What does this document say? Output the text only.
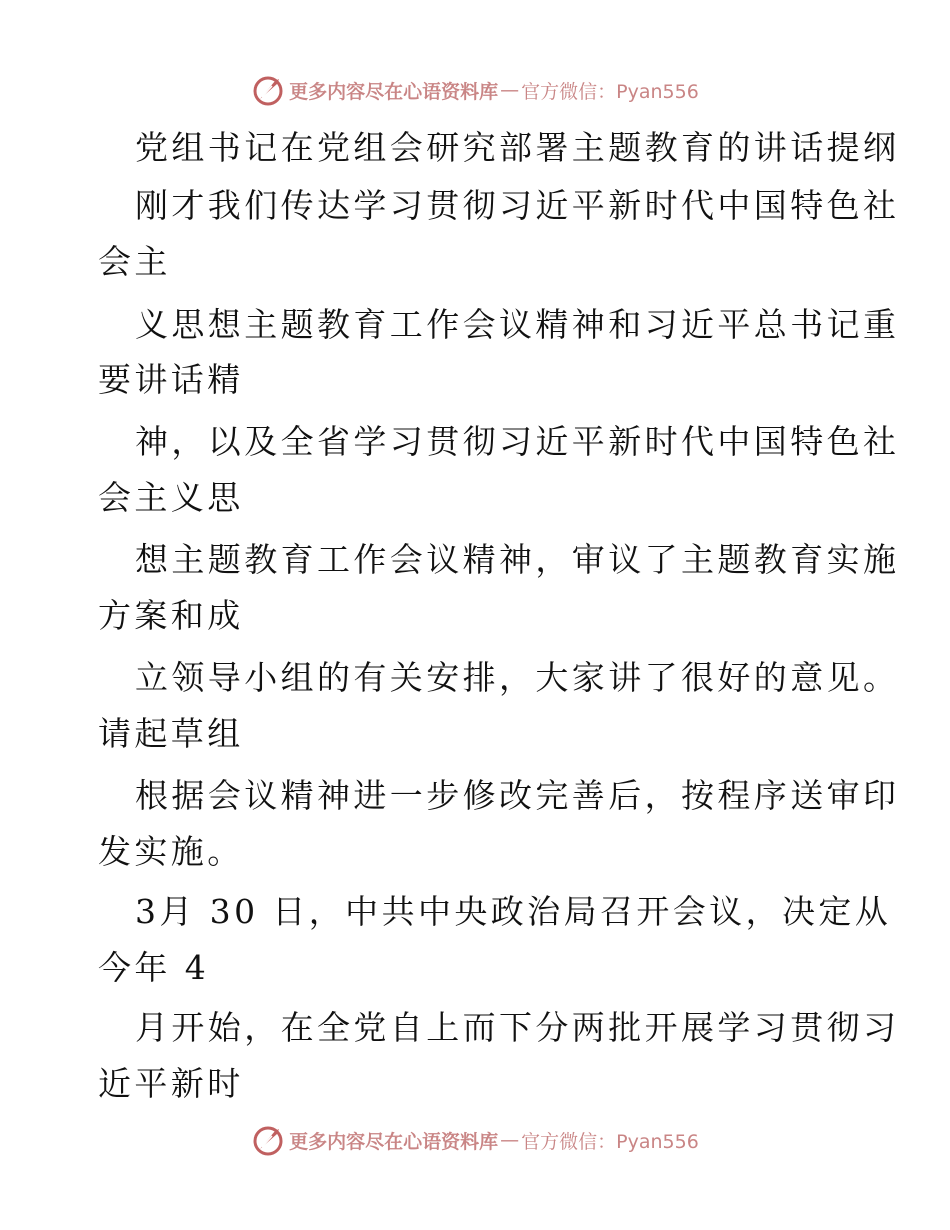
更多内容尽在心语资料库 — 官方微信：Pyan556
党组书记在党组会研究部署主题教育的讲话提纲
刚才我们传达学习贯彻习近平新时代中国特色社
会主
义思想主题教育工作会议精神和习近平总书记重
要讲话精
神，以及全省学习贯彻习近平新时代中国特色社
会主义思
想主题教育工作会议精神，审议了主题教育实施
方案和成
立领导小组的有关安排，大家讲了很好的意见。
请起草组
根据会议精神进一步修改完善后，按程序送审印
发实施。
3月 30 日，中共中央政治局召开会议，决定从
今年 4
月开始，在全党自上而下分两批开展学习贯彻习
近平新时
更多内容尽在心语资料库 — 官方微信：Pyan556
